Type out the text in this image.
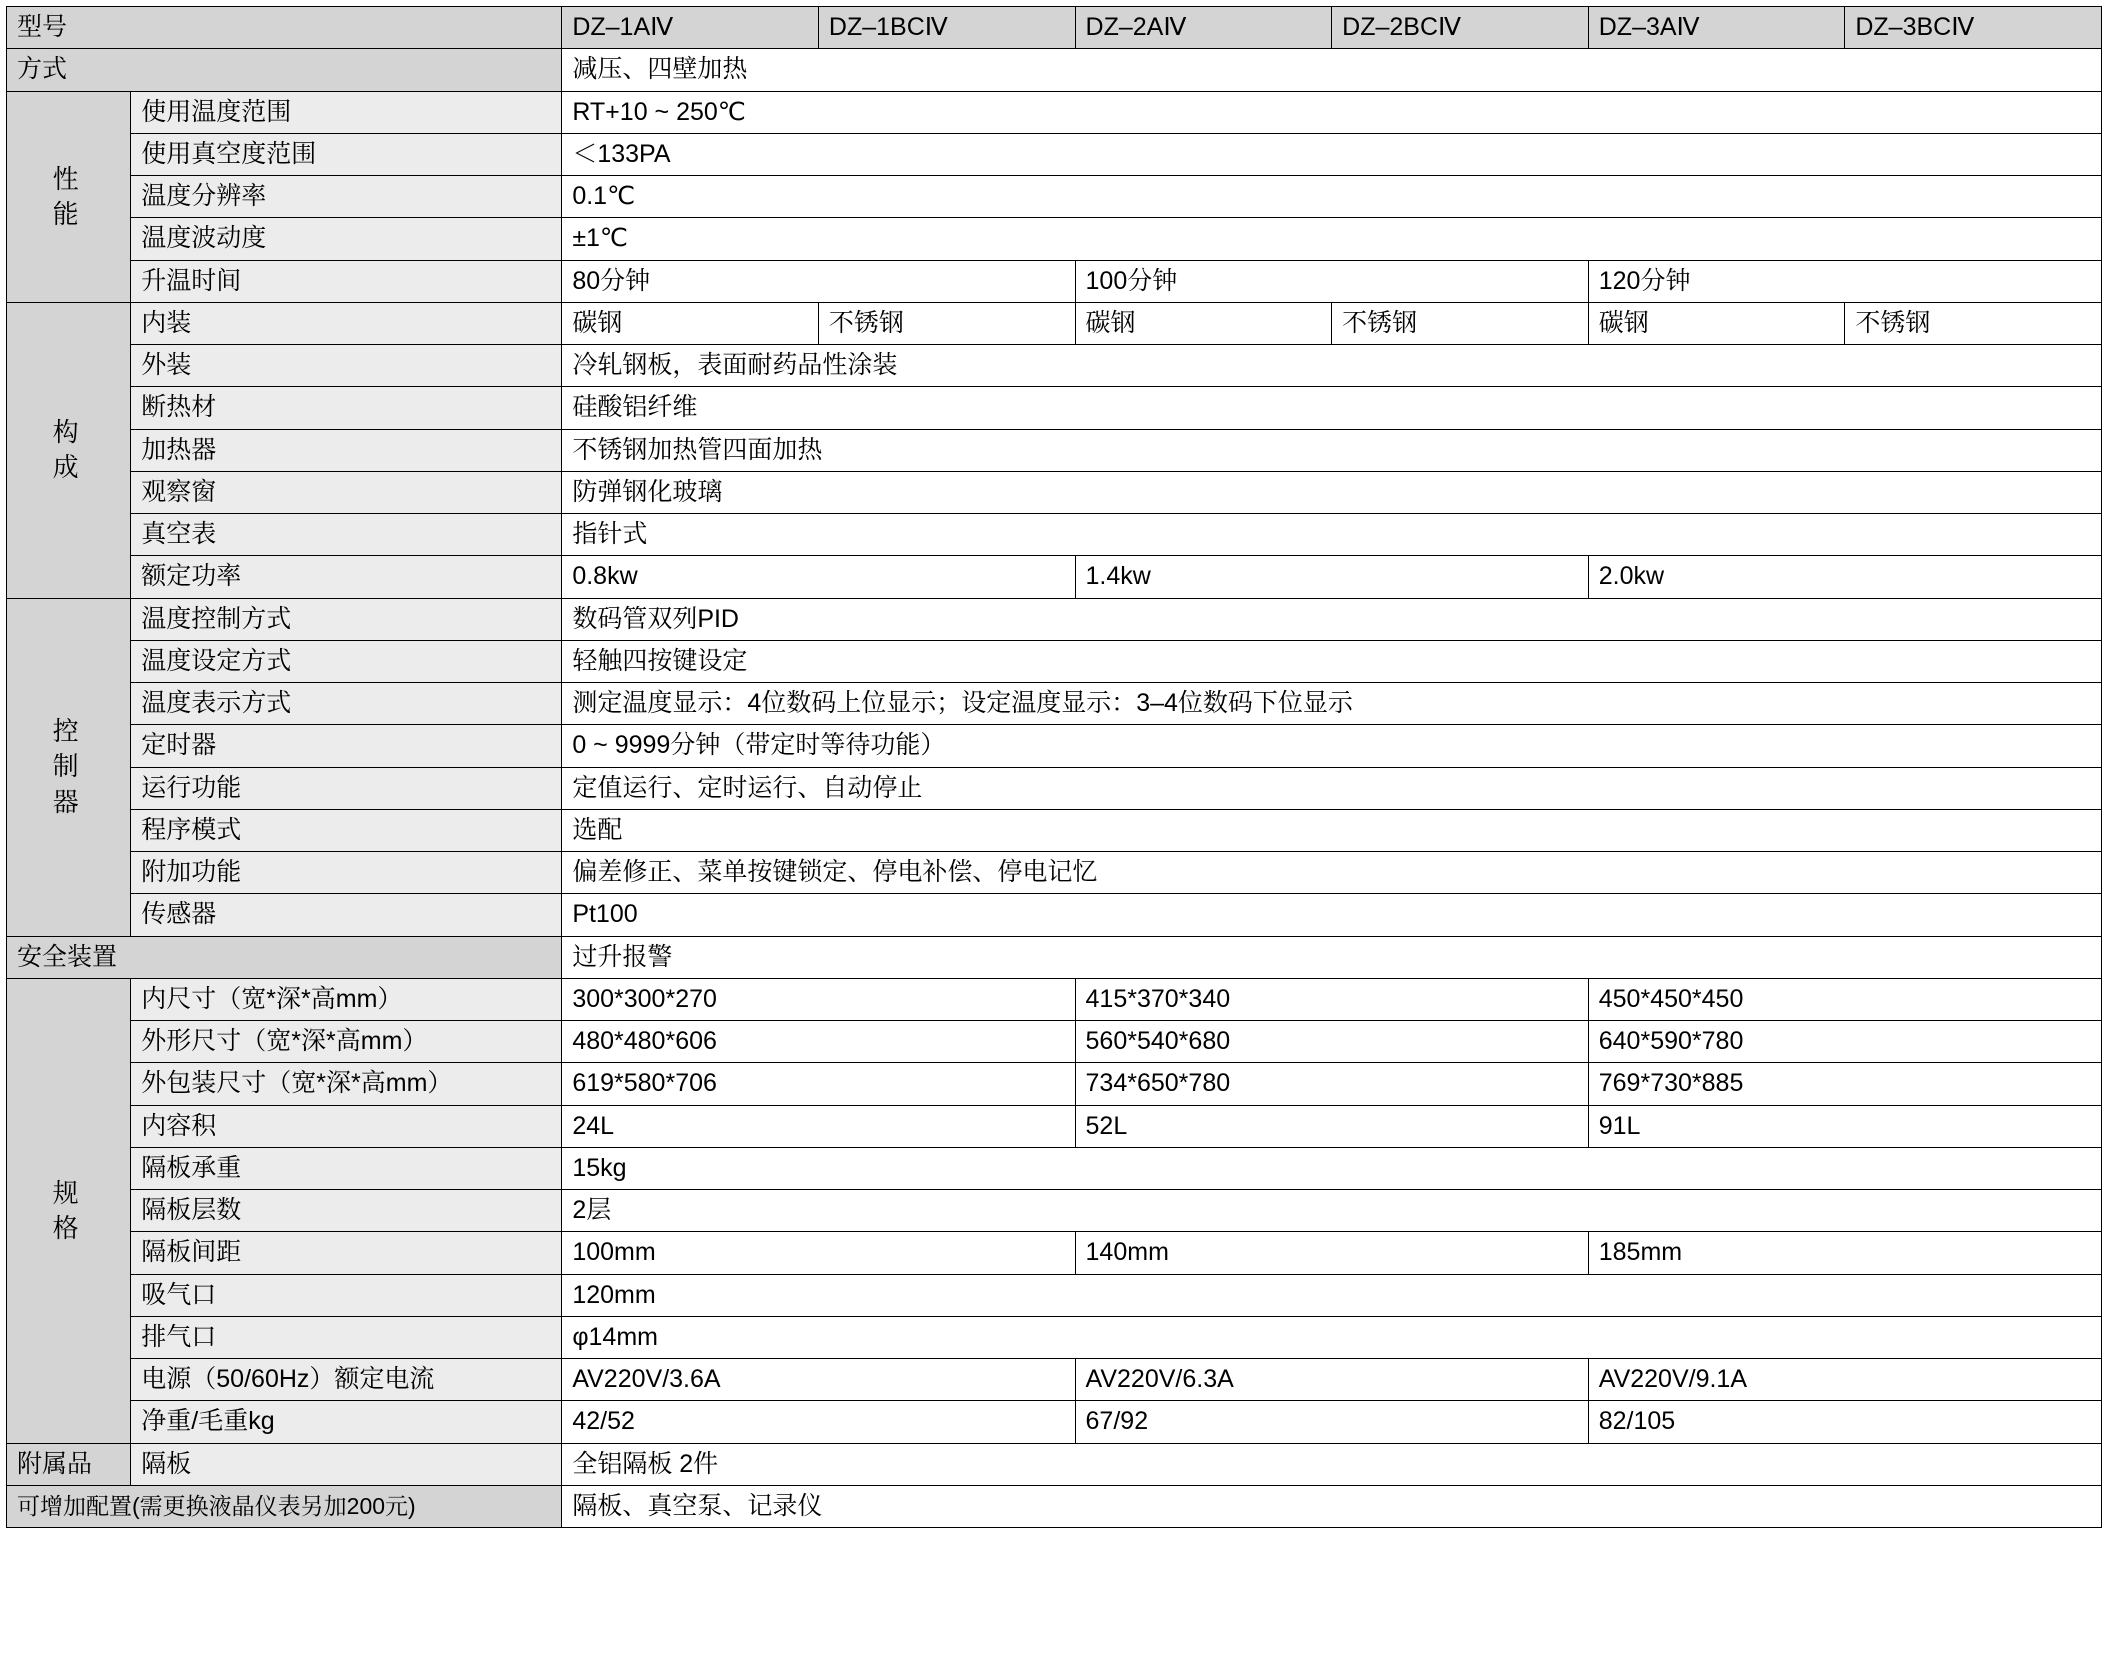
型号		DZ–1AⅣ	DZ–1BCⅣ	DZ–2AⅣ	DZ–2BCⅣ	DZ–3AⅣ	DZ–3BCⅣ
方式		减压、四壁加热					
性
能	使用温度范围	RT+10 ~ 250℃					
	使用真空度范围	＜133PA					
	温度分辨率	0.1℃					
	温度波动度	±1℃					
	升温时间	80分钟		100分钟		120分钟	
构
成	内装	碳钢	不锈钢	碳钢	不锈钢	碳钢	不锈钢
	外装	冷轧钢板，表面耐药品性涂装					
	断热材	硅酸铝纤维					
	加热器	不锈钢加热管四面加热					
	观察窗	防弹钢化玻璃					
	真空表	指针式					
	额定功率	0.8kw		1.4kw		2.0kw	
控
制
器	温度控制方式	数码管双列PID					
	温度设定方式	轻触四按键设定					
	温度表示方式	测定温度显示：4位数码上位显示；设定温度显示：3–4位数码下位显示					
	定时器	0 ~ 9999分钟（带定时等待功能）					
	运行功能	定值运行、定时运行、自动停止					
	程序模式	选配					
	附加功能	偏差修正、菜单按键锁定、停电补偿、停电记忆					
	传感器	Pt100					
安全装置		过升报警					
规
格	内尺寸（宽*深*高mm）	300*300*270		415*370*340		450*450*450	
	外形尺寸（宽*深*高mm）	480*480*606		560*540*680		640*590*780	
	外包装尺寸（宽*深*高mm）	619*580*706		734*650*780		769*730*885	
	内容积	24L		52L		91L	
	隔板承重	15kg					
	隔板层数	2层					
	隔板间距	100mm		140mm		185mm	
	吸气口	120mm					
	排气口	φ14mm					
	电源（50/60Hz）额定电流	AV220V/3.6A		AV220V/6.3A		AV220V/9.1A	
	净重/毛重kg	42/52		67/92		82/105	
附属品	隔板	全铝隔板 2件					
可增加配置(需更换液晶仪表另加200元)		隔板、真空泵、记录仪					
